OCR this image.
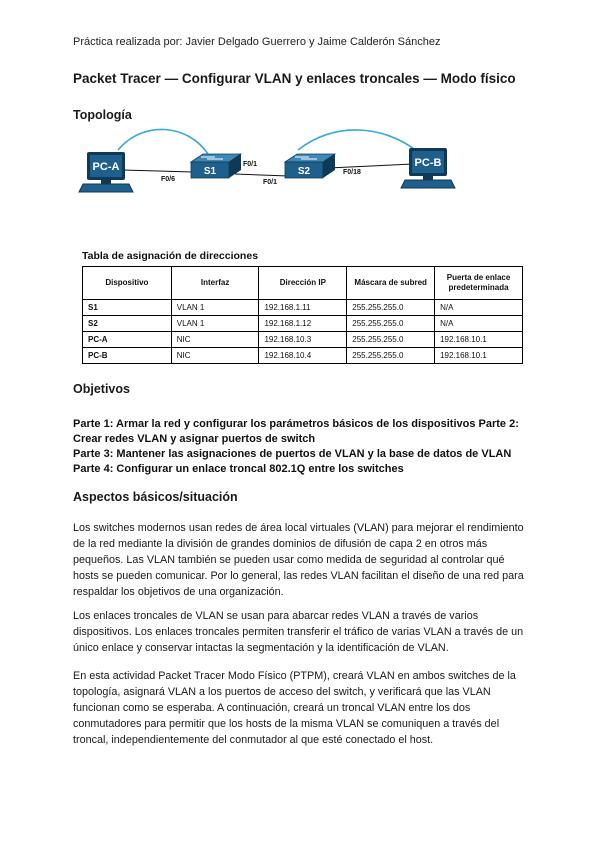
Práctica realizada por: Javier Delgado Guerrero y Jaime Calderón Sánchez
Packet Tracer — Configurar VLAN y enlaces troncales — Modo físico
Topología
PC-A	S1	S2
PC-B
F0/6
F0/1
F0/1
F0/18
Tabla de asignación de direcciones
Dispositivo	Interfaz	Dirección IP	Máscara de subred	Puerta de enlace predeterminada
S1	VLAN 1	192.168.1.11	255.255.255.0	N/A
S2	VLAN 1	192.168.1.12	255.255.255.0	N/A
PC-A	NIC	192.168.10.3	255.255.255.0	192.168.10.1
PC-B	NIC	192.168.10.4	255.255.255.0	192.168.10.1
Objetivos
Parte 1: Armar la red y configurar los parámetros básicos de los dispositivos Parte 2:
Crear redes VLAN y asignar puertos de switch
Parte 3: Mantener las asignaciones de puertos de VLAN y la base de datos de VLAN
Parte 4: Configurar un enlace troncal 802.1Q entre los switches
Aspectos básicos/situación
Los switches modernos usan redes de área local virtuales (VLAN) para mejorar el rendimiento de la red mediante la división de grandes dominios de difusión de capa 2 en otros más pequeños. Las VLAN también se pueden usar como medida de seguridad al controlar qué hosts se pueden comunicar. Por lo general, las redes VLAN facilitan el diseño de una red para respaldar los objetivos de una organización.
Los enlaces troncales de VLAN se usan para abarcar redes VLAN a través de varios dispositivos. Los enlaces troncales permiten transferir el tráfico de varias VLAN a través de un único enlace y conservar intactas la segmentación y la identificación de VLAN.
En esta actividad Packet Tracer Modo Físico (PTPM), creará VLAN en ambos switches de la topología, asignará VLAN a los puertos de acceso del switch, y verificará que las VLAN funcionan como se esperaba. A continuación, creará un troncal VLAN entre los dos conmutadores para permitir que los hosts de la misma VLAN se comuniquen a través del troncal, independientemente del conmutador al que esté conectado el host.
